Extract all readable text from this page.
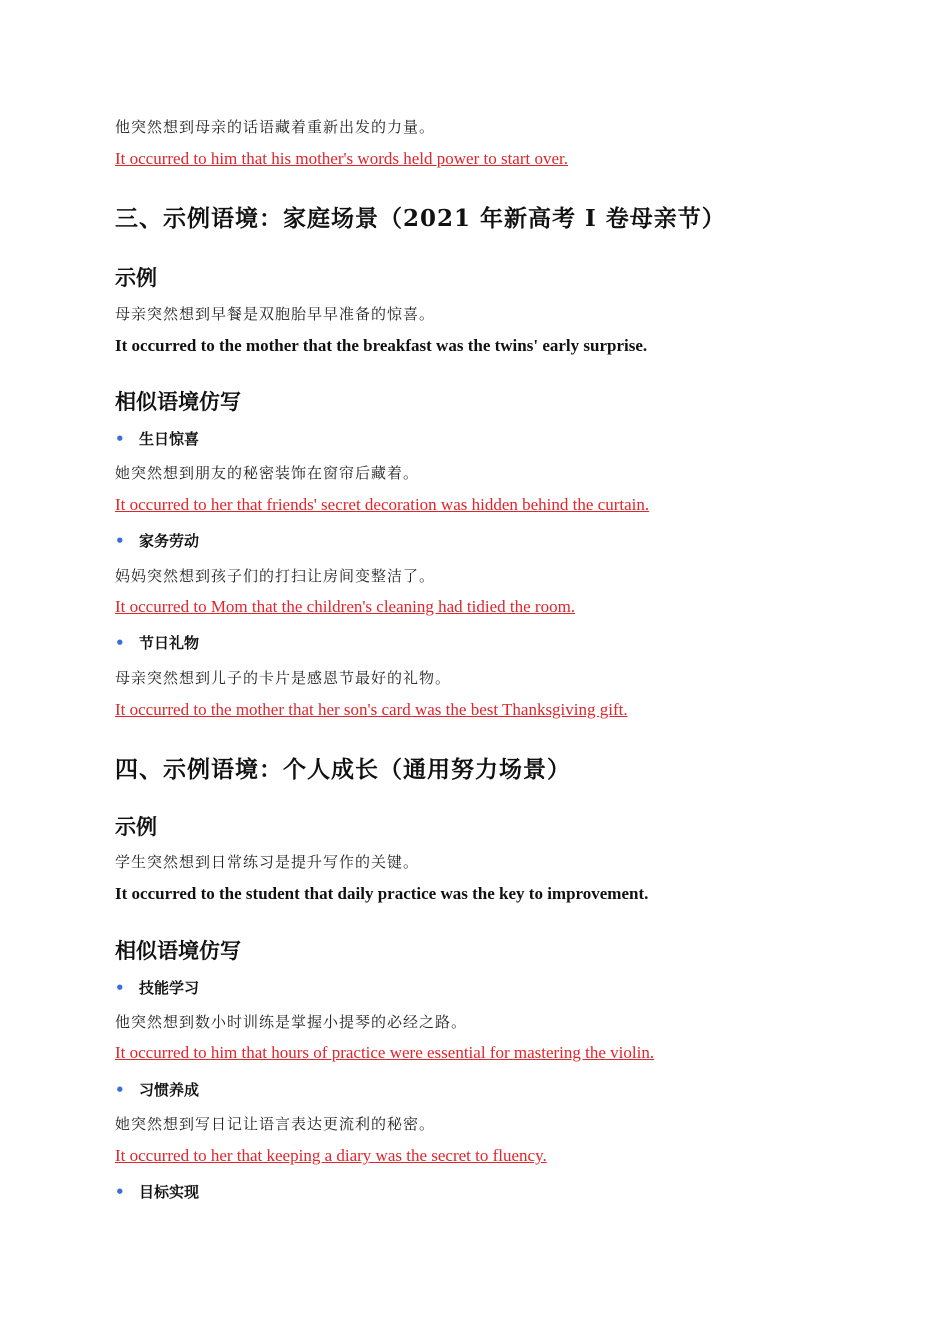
他突然想到母亲的话语藏着重新出发的力量。
It occurred to him that his mother's words held power to start over.
三、示例语境：家庭场景（2021 年新高考 Ⅰ 卷母亲节）
示例
母亲突然想到早餐是双胞胎早早准备的惊喜。
It occurred to the mother that the breakfast was the twins' early surprise.
相似语境仿写
• 生日惊喜
她突然想到朋友的秘密装饰在窗帘后藏着。
It occurred to her that friends' secret decoration was hidden behind the curtain.
• 家务劳动
妈妈突然想到孩子们的打扫让房间变整洁了。
It occurred to Mom that the children's cleaning had tidied the room.
• 节日礼物
母亲突然想到儿子的卡片是感恩节最好的礼物。
It occurred to the mother that her son's card was the best Thanksgiving gift.
四、示例语境：个人成长（通用努力场景）
示例
学生突然想到日常练习是提升写作的关键。
It occurred to the student that daily practice was the key to improvement.
相似语境仿写
• 技能学习
他突然想到数小时训练是掌握小提琴的必经之路。
It occurred to him that hours of practice were essential for mastering the violin.
• 习惯养成
她突然想到写日记让语言表达更流利的秘密。
It occurred to her that keeping a diary was the secret to fluency.
• 目标实现
